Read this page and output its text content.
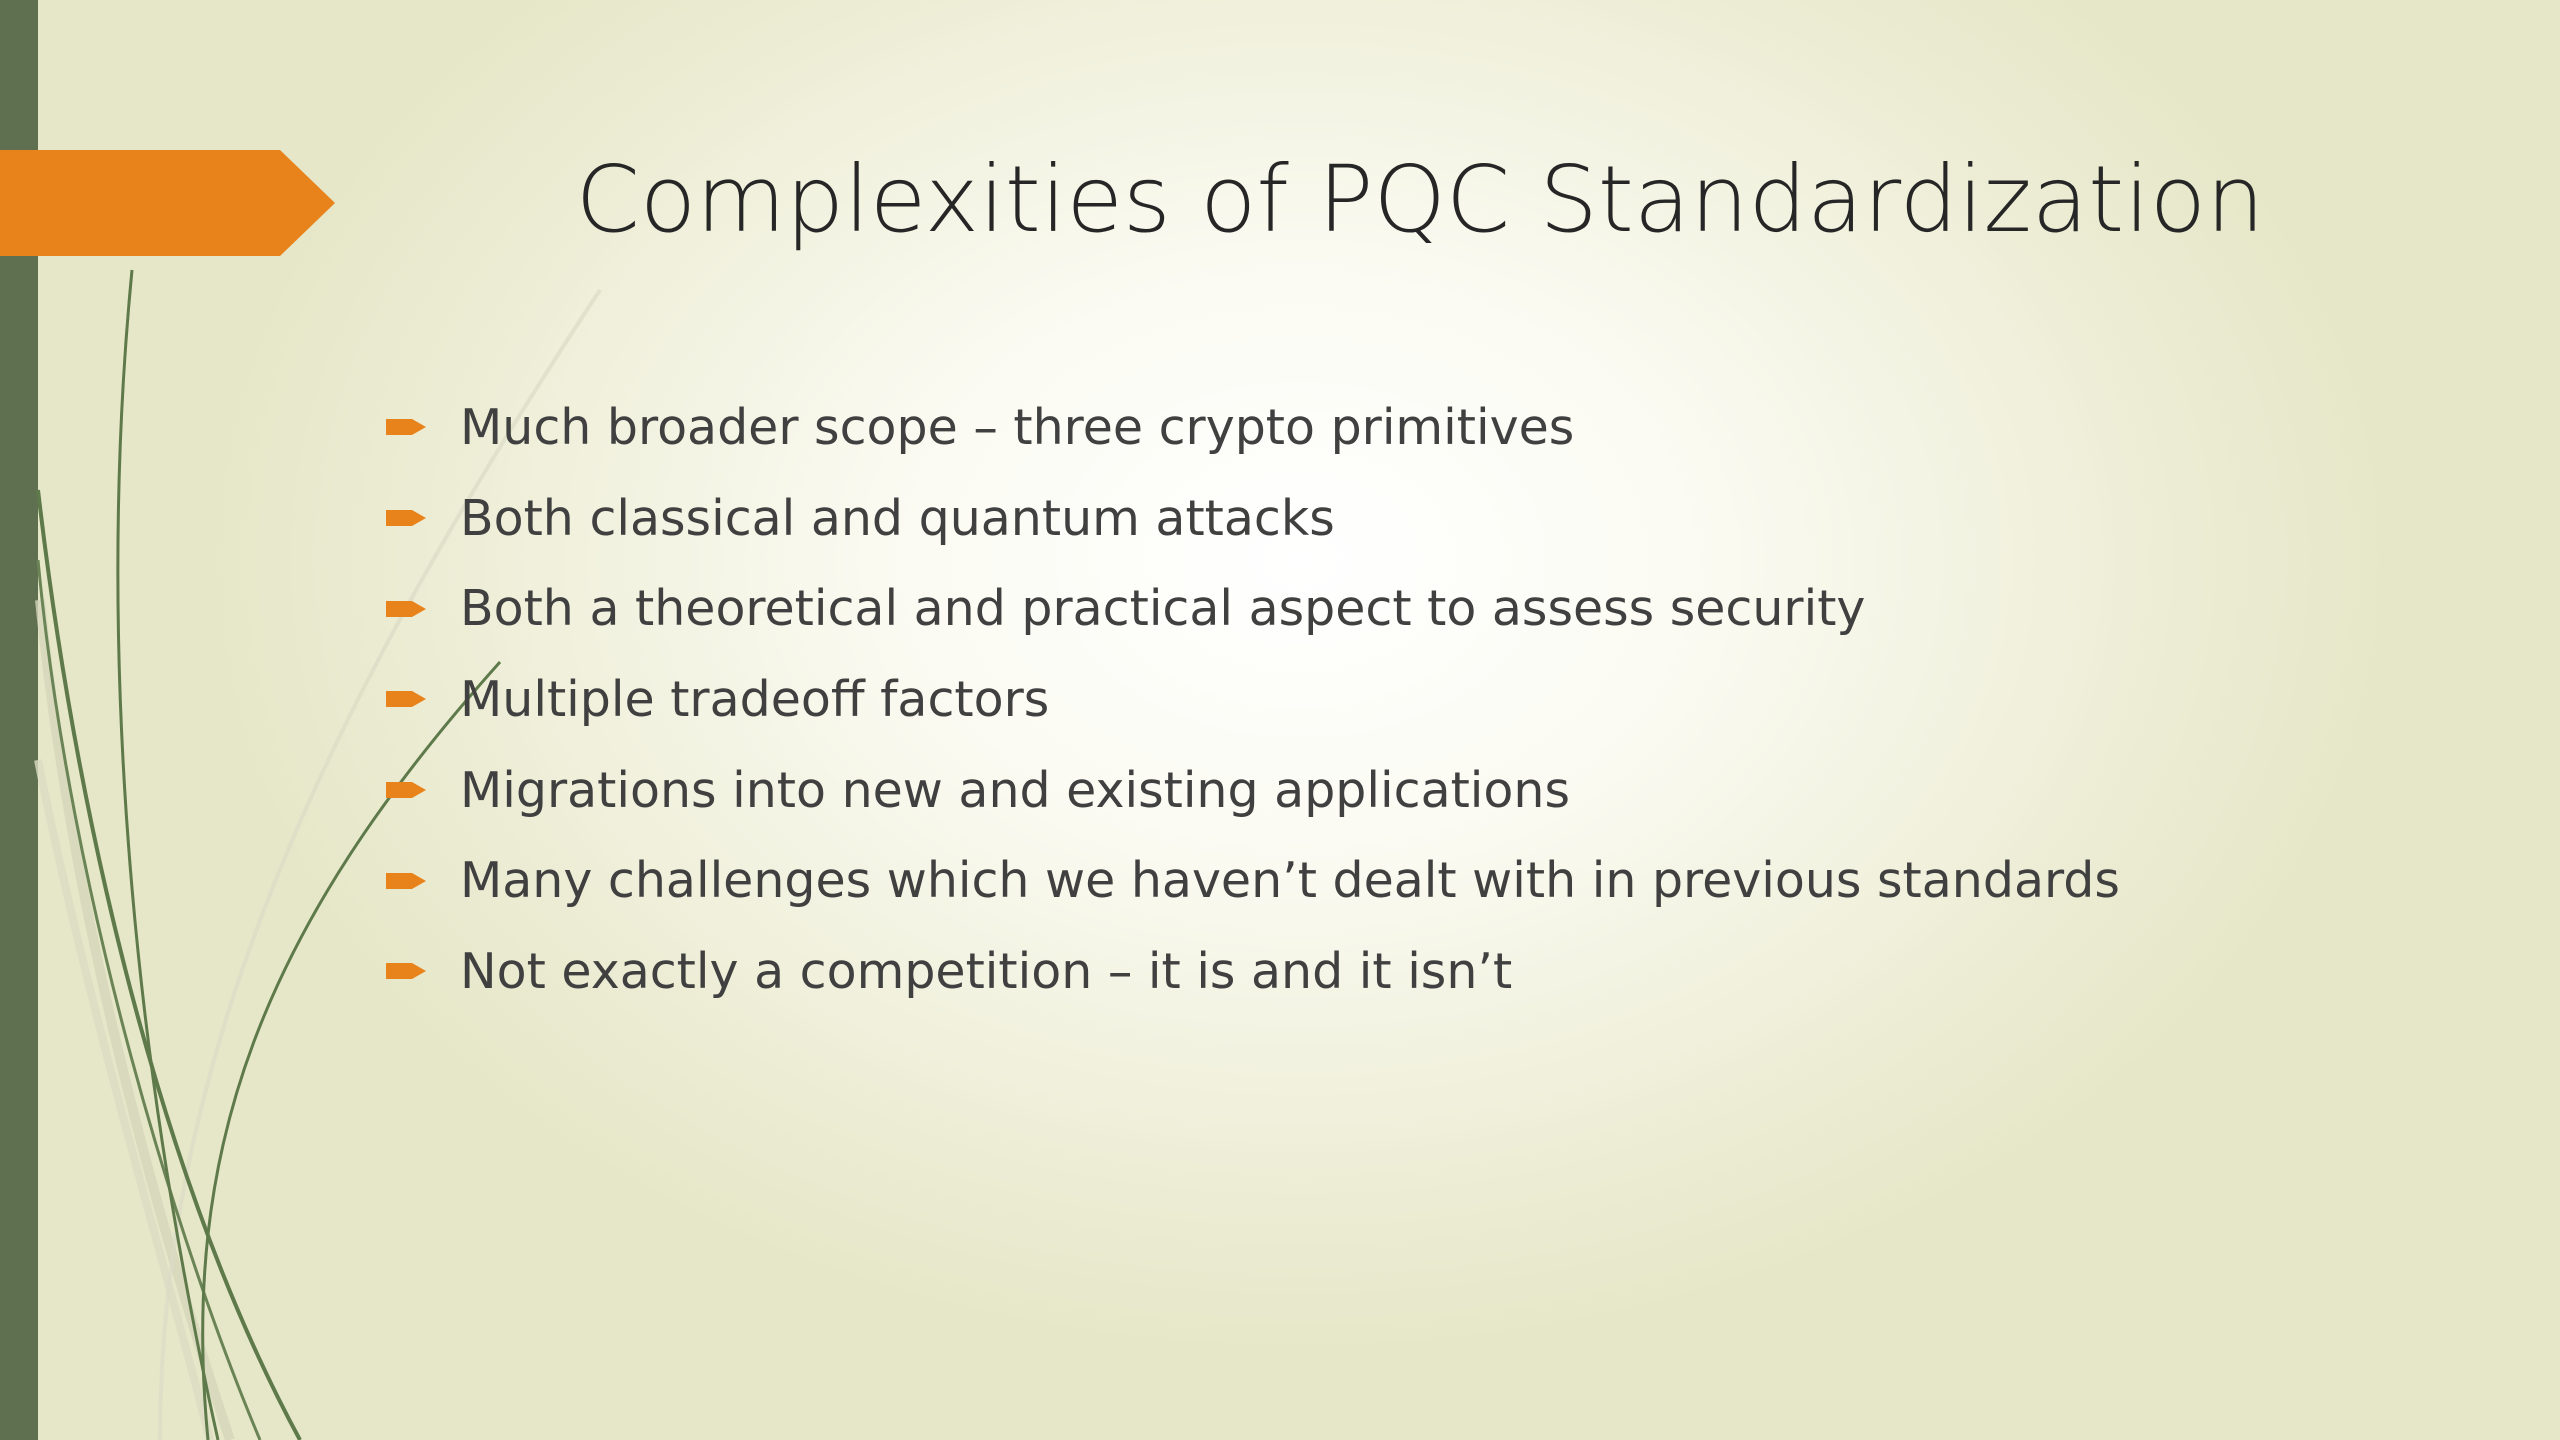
Complexities of PQC Standardization
Much broader scope – three crypto primitives
Both classical and quantum attacks
Both a theoretical and practical aspect to assess security
Multiple tradeoff factors
Migrations into new and existing applications
Many challenges which we haven’t dealt with in previous standards
Not exactly a competition – it is and it isn’t
